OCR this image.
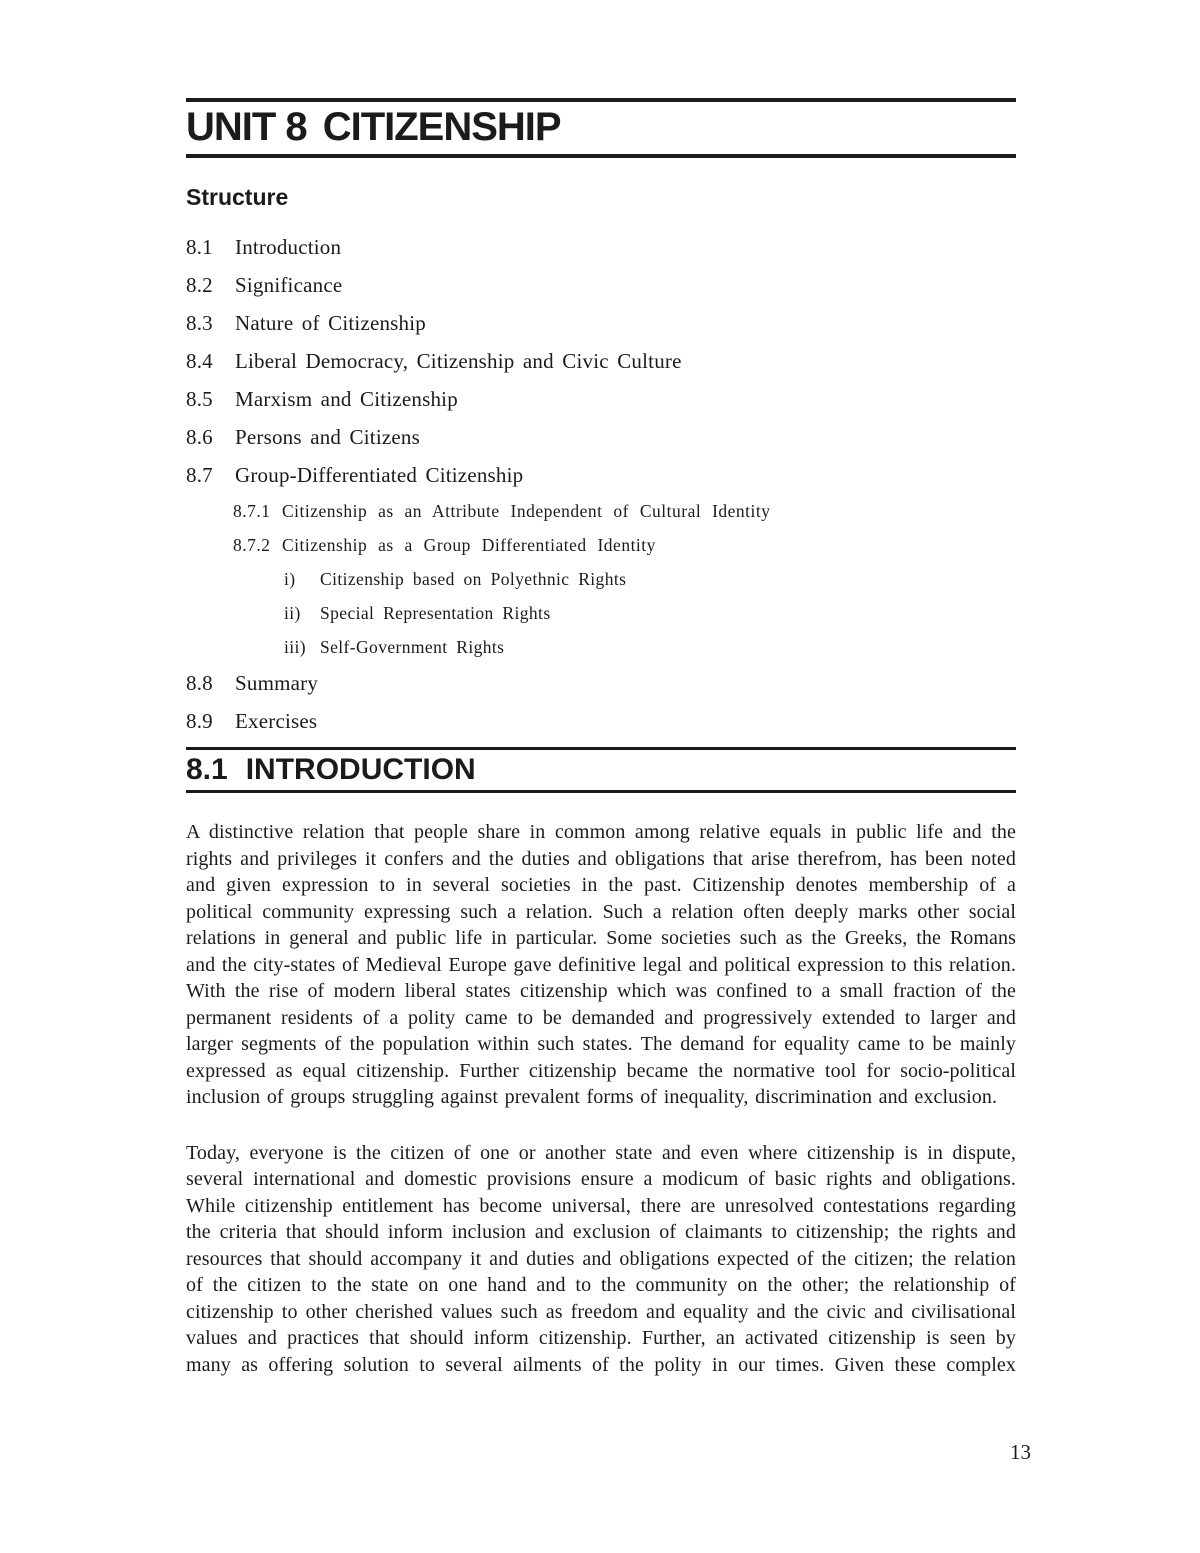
UNIT 8 CITIZENSHIP
Structure
8.1	Introduction
8.2	Significance
8.3	Nature of Citizenship
8.4	Liberal Democracy, Citizenship and Civic Culture
8.5	Marxism and Citizenship
8.6	Persons and Citizens
8.7	Group-Differentiated Citizenship
8.7.1 Citizenship as an Attribute Independent of Cultural Identity
8.7.2 Citizenship as a Group Differentiated Identity
i)	Citizenship based on Polyethnic Rights
ii)	Special Representation Rights
iii) Self-Government Rights
8.8	Summary
8.9	Exercises
8.1 INTRODUCTION

A distinctive relation that people share in common among relative equals in public life and the rights and privileges it confers and the duties and obligations that arise therefrom, has been noted and given expression to in several societies in the past. Citizenship denotes membership of a political community expressing such a relation. Such a relation often deeply marks other social relations in general and public life in particular. Some societies such as the Greeks, the Romans and the city-states of Medieval Europe gave definitive legal and political expression to this relation. With the rise of modern liberal states citizenship which was confined to a small fraction of the permanent residents of a polity came to be demanded and progressively extended to larger and larger segments of the population within such states. The demand for equality came to be mainly expressed as equal citizenship. Further citizenship became the normative tool for socio-political inclusion of groups struggling against prevalent forms of inequality, discrimination and exclusion.

Today, everyone is the citizen of one or another state and even where citizenship is in dispute, several international and domestic provisions ensure a modicum of basic rights and obligations. While citizenship entitlement has become universal, there are unresolved contestations regarding the criteria that should inform inclusion and exclusion of claimants to citizenship; the rights and resources that should accompany it and duties and obligations expected of the citizen; the relation of the citizen to the state on one hand and to the community on the other; the relationship of citizenship to other cherished values such as freedom and equality and the civic and civilisational values and practices that should inform citizenship. Further, an activated citizenship is seen by many as offering solution to several ailments of the polity in our times. Given these complex

13
